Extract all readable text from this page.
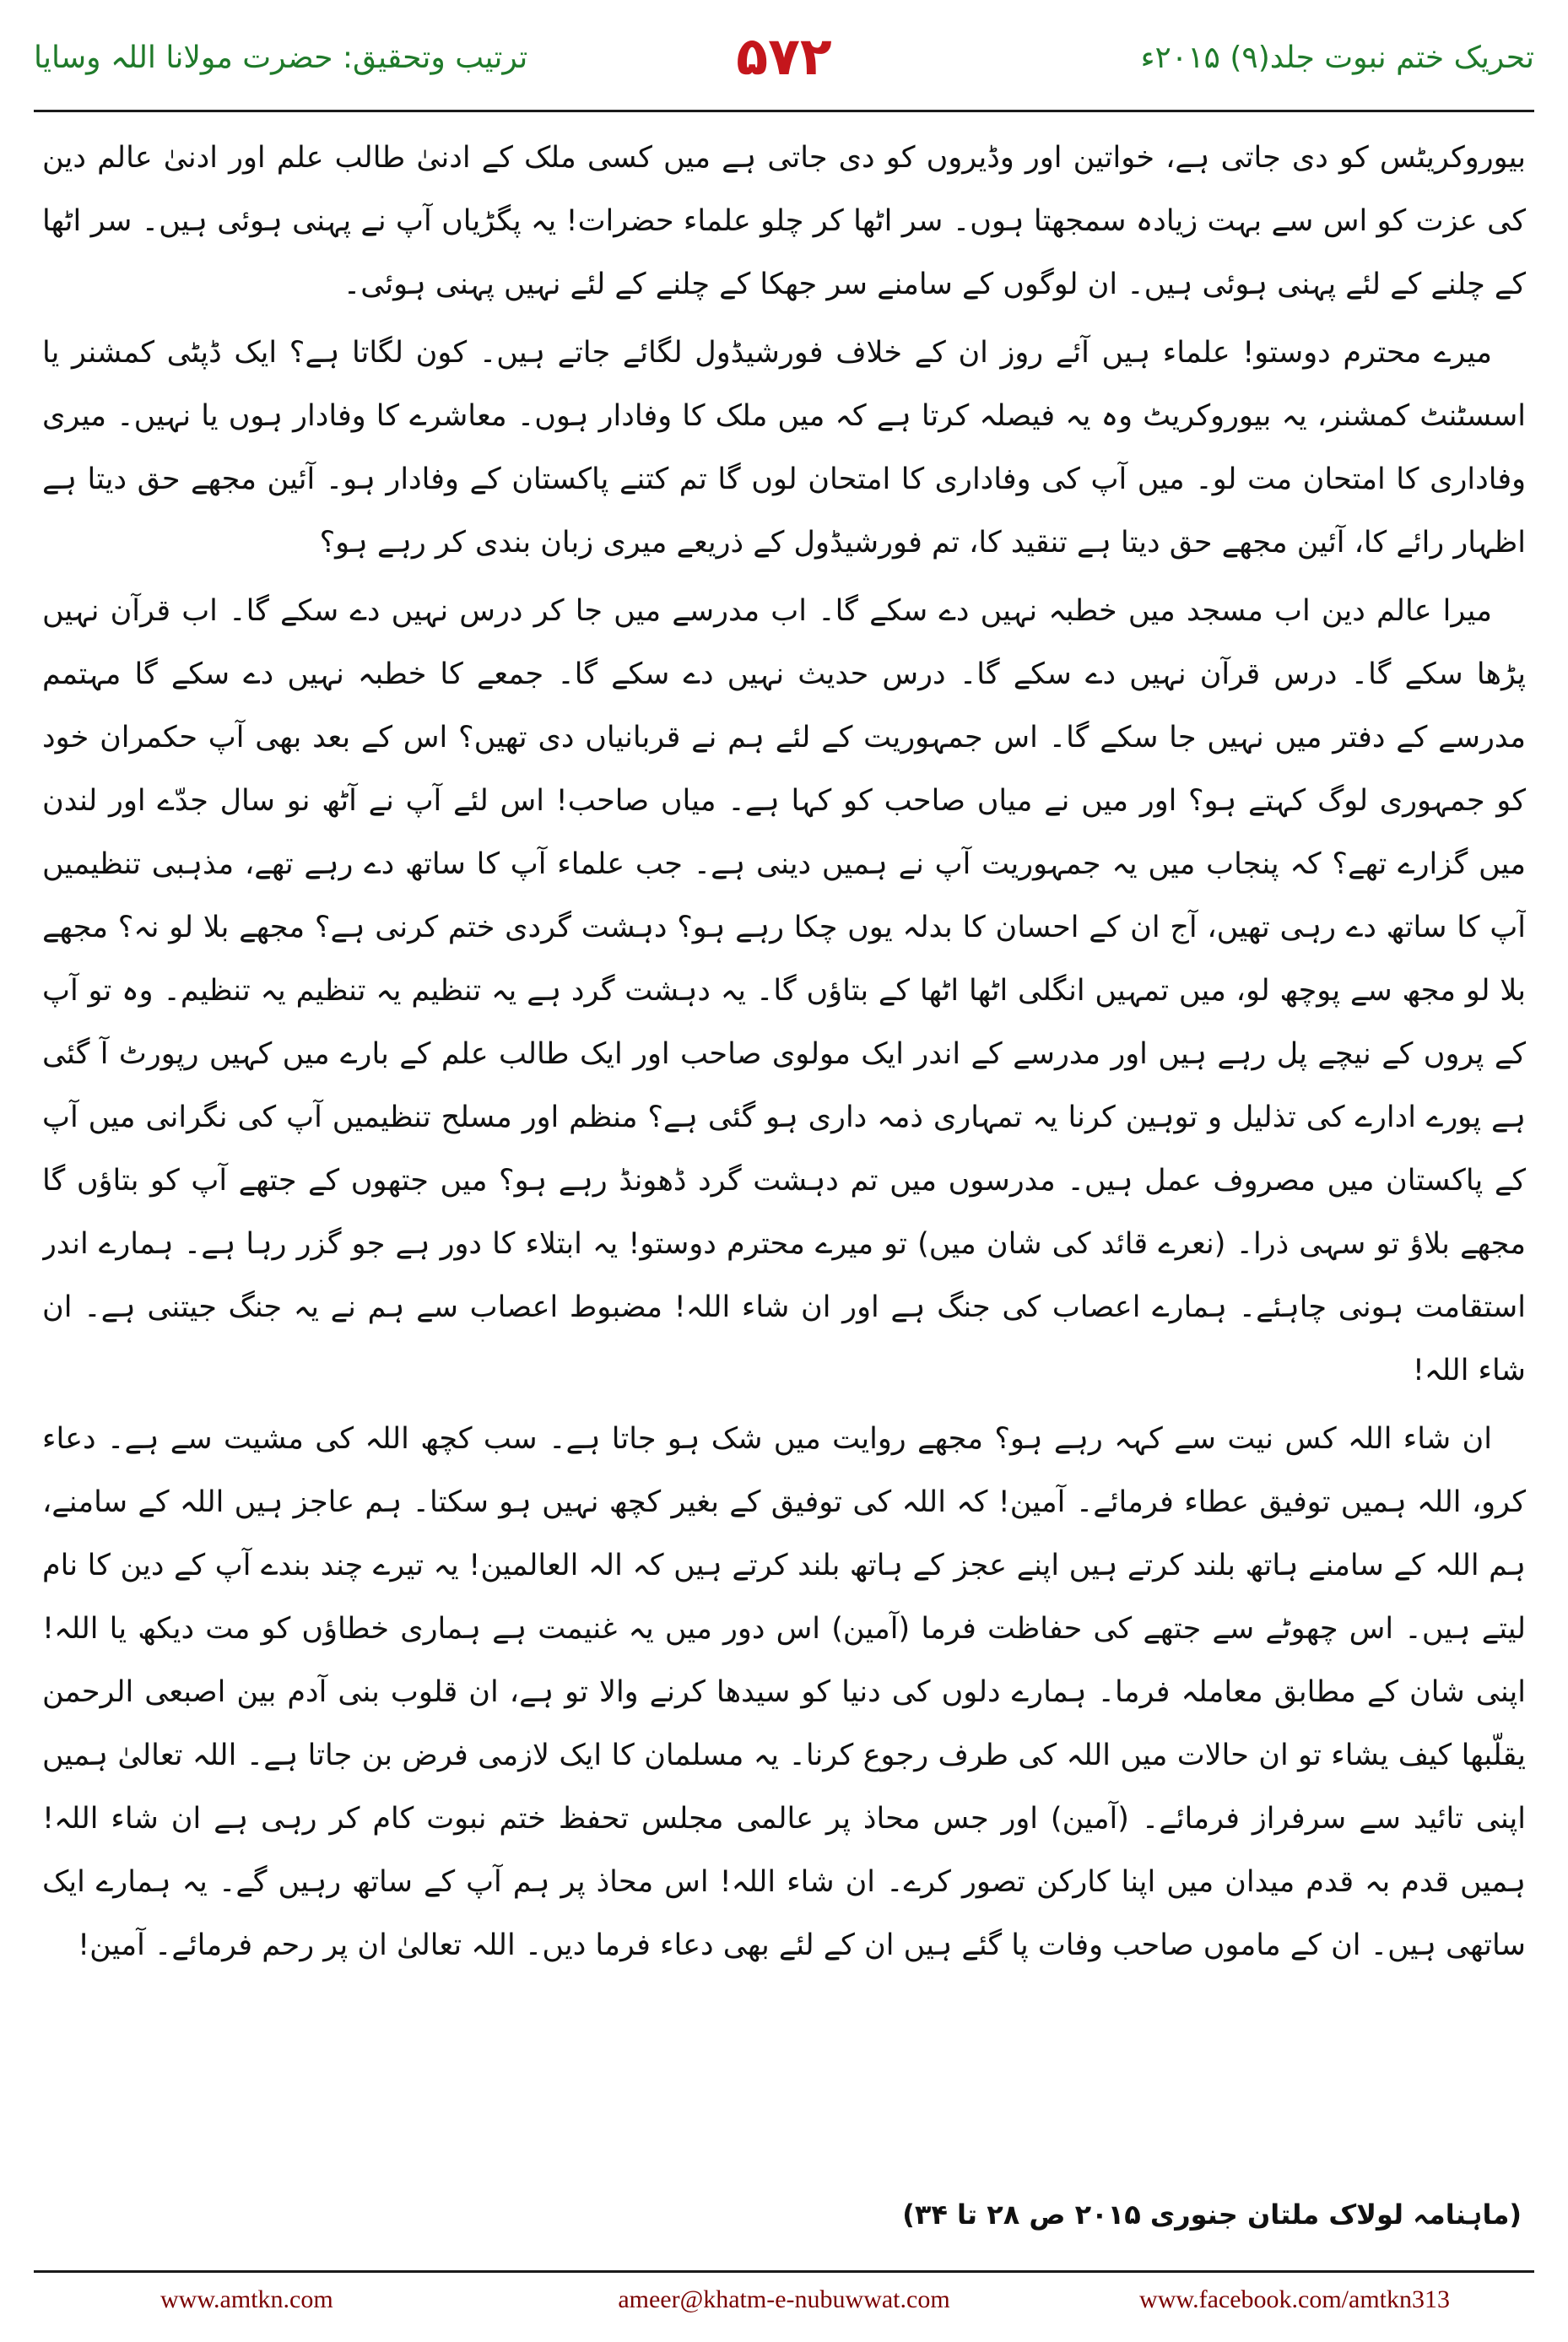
ترتیب وتحقیق: حضرت مولانا اللہ وسایا	۵۷۲	تحریک ختم نبوت جلد(۹) ۲۰۱۵ء

بیوروکریٹس کو دی جاتی ہے، خواتین اور وڈیروں کو دی جاتی ہے میں کسی ملک کے ادنیٰ طالب علم اور ادنیٰ عالم دین کی عزت کو اس سے بہت زیادہ سمجھتا ہوں۔ سر اٹھا کر چلو علماء حضرات! یہ پگڑیاں آپ نے پہنی ہوئی ہیں۔ سر اٹھا کے چلنے کے لئے پہنی ہوئی ہیں۔ ان لوگوں کے سامنے سر جھکا کے چلنے کے لئے نہیں پہنی ہوئی۔

میرے محترم دوستو! علماء ہیں آئے روز ان کے خلاف فورشیڈول لگائے جاتے ہیں۔ کون لگاتا ہے؟ ایک ڈپٹی کمشنر یا اسسٹنٹ کمشنر، یہ بیوروکریٹ وہ یہ فیصلہ کرتا ہے کہ میں ملک کا وفادار ہوں۔ معاشرے کا وفادار ہوں یا نہیں۔ میری وفاداری کا امتحان مت لو۔ میں آپ کی وفاداری کا امتحان لوں گا تم کتنے پاکستان کے وفادار ہو۔ آئین مجھے حق دیتا ہے اظہار رائے کا، آئین مجھے حق دیتا ہے تنقید کا، تم فورشیڈول کے ذریعے میری زبان بندی کر رہے ہو؟

میرا عالم دین اب مسجد میں خطبہ نہیں دے سکے گا۔ اب مدرسے میں جا کر درس نہیں دے سکے گا۔ اب قرآن نہیں پڑھا سکے گا۔ درس قرآن نہیں دے سکے گا۔ درس حدیث نہیں دے سکے گا۔ جمعے کا خطبہ نہیں دے سکے گا مہتمم مدرسے کے دفتر میں نہیں جا سکے گا۔ اس جمہوریت کے لئے ہم نے قربانیاں دی تھیں؟ اس کے بعد بھی آپ حکمران خود کو جمہوری لوگ کہتے ہو؟ اور میں نے میاں صاحب کو کہا ہے۔ میاں صاحب! اس لئے آپ نے آٹھ نو سال جدّے اور لندن میں گزارے تھے؟ کہ پنجاب میں یہ جمہوریت آپ نے ہمیں دینی ہے۔ جب علماء آپ کا ساتھ دے رہے تھے، مذہبی تنظیمیں آپ کا ساتھ دے رہی تھیں، آج ان کے احسان کا بدلہ یوں چکا رہے ہو؟ دہشت گردی ختم کرنی ہے؟ مجھے بلا لو نہ؟ مجھے بلا لو مجھ سے پوچھ لو، میں تمہیں انگلی اٹھا اٹھا کے بتاؤں گا۔ یہ دہشت گرد ہے یہ تنظیم یہ تنظیم یہ تنظیم۔ وہ تو آپ کے پروں کے نیچے پل رہے ہیں اور مدرسے کے اندر ایک مولوی صاحب اور ایک طالب علم کے بارے میں کہیں رپورٹ آ گئی ہے پورے ادارے کی تذلیل و توہین کرنا یہ تمہاری ذمہ داری ہو گئی ہے؟ منظم اور مسلح تنظیمیں آپ کی نگرانی میں آپ کے پاکستان میں مصروف عمل ہیں۔ مدرسوں میں تم دہشت گرد ڈھونڈ رہے ہو؟ میں جتھوں کے جتھے آپ کو بتاؤں گا مجھے بلاؤ تو سہی ذرا۔ (نعرے قائد کی شان میں) تو میرے محترم دوستو! یہ ابتلاء کا دور ہے جو گزر رہا ہے۔ ہمارے اندر استقامت ہونی چاہئے۔ ہمارے اعصاب کی جنگ ہے اور ان شاء اللہ! مضبوط اعصاب سے ہم نے یہ جنگ جیتنی ہے۔ ان شاء اللہ!

ان شاء اللہ کس نیت سے کہہ رہے ہو؟ مجھے روایت میں شک ہو جاتا ہے۔ سب کچھ اللہ کی مشیت سے ہے۔ دعاء کرو، اللہ ہمیں توفیق عطاء فرمائے۔ آمین! کہ اللہ کی توفیق کے بغیر کچھ نہیں ہو سکتا۔ ہم عاجز ہیں اللہ کے سامنے، ہم اللہ کے سامنے ہاتھ بلند کرتے ہیں اپنے عجز کے ہاتھ بلند کرتے ہیں کہ الہ العالمین! یہ تیرے چند بندے آپ کے دین کا نام لیتے ہیں۔ اس چھوٹے سے جتھے کی حفاظت فرما (آمین) اس دور میں یہ غنیمت ہے ہماری خطاؤں کو مت دیکھ یا اللہ! اپنی شان کے مطابق معاملہ فرما۔ ہمارے دلوں کی دنیا کو سیدھا کرنے والا تو ہے، ان قلوب بنی آدم بین اصبعی الرحمن یقلّبها کیف یشاء تو ان حالات میں اللہ کی طرف رجوع کرنا۔ یہ مسلمان کا ایک لازمی فرض بن جاتا ہے۔ اللہ تعالیٰ ہمیں اپنی تائید سے سرفراز فرمائے۔ (آمین) اور جس محاذ پر عالمی مجلس تحفظ ختم نبوت کام کر رہی ہے ان شاء اللہ! ہمیں قدم بہ قدم میدان میں اپنا کارکن تصور کرے۔ ان شاء اللہ! اس محاذ پر ہم آپ کے ساتھ رہیں گے۔ یہ ہمارے ایک ساتھی ہیں۔ ان کے ماموں صاحب وفات پا گئے ہیں ان کے لئے بھی دعاء فرما دیں۔ اللہ تعالیٰ ان پر رحم فرمائے۔ آمین!

(ماہنامہ لولاک ملتان جنوری ۲۰۱۵ ص ۲۸ تا ۳۴)
www.amtkn.com	ameer@khatm-e-nubuwwat.com	www.facebook.com/amtkn313
